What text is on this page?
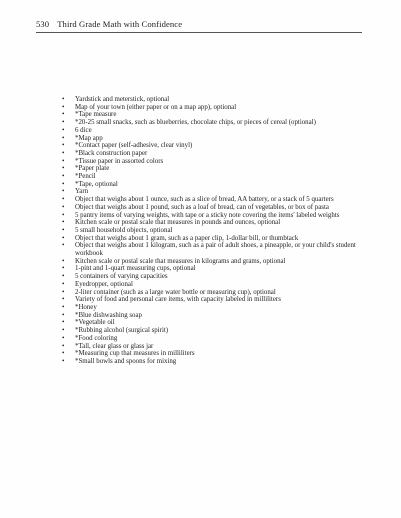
530 Third Grade Math with Confidence
• Yardstick and meterstick, optional
• Map of your town (either paper or on a map app), optional
• *Tape measure
• *20-25 small snacks, such as blueberries, chocolate chips, or pieces of cereal (optional)
• 6 dice
• *Map app
• *Contact paper (self-adhesive, clear vinyl)
• *Black construction paper
• *Tissue paper in assorted colors
• *Paper plate
• *Pencil
• *Tape, optional
• Yarn
• Object that weighs about 1 ounce, such as a slice of bread, AA battery, or a stack of 5 quarters
• Object that weighs about 1 pound, such as a loaf of bread, can of vegetables, or box of pasta
• 5 pantry items of varying weights, with tape or a sticky note covering the items' labeled weights
• Kitchen scale or postal scale that measures in pounds and ounces, optional
• 5 small household objects, optional
• Object that weighs about 1 gram, such as a paper clip, 1-dollar bill, or thumbtack
• Object that weighs about 1 kilogram, such as a pair of adult shoes, a pineapple, or your child's student workbook
• Kitchen scale or postal scale that measures in kilograms and grams, optional
• 1-pint and 1-quart measuring cups, optional
• 5 containers of varying capacities
• Eyedropper, optional
• 2-liter container (such as a large water bottle or measuring cup), optional
• Variety of food and personal care items, with capacity labeled in milliliters
• *Honey
• *Blue dishwashing soap
• *Vegetable oil
• *Rubbing alcohol (surgical spirit)
• *Food coloring
• *Tall, clear glass or glass jar
• *Measuring cup that measures in milliliters
• *Small bowls and spoons for mixing
